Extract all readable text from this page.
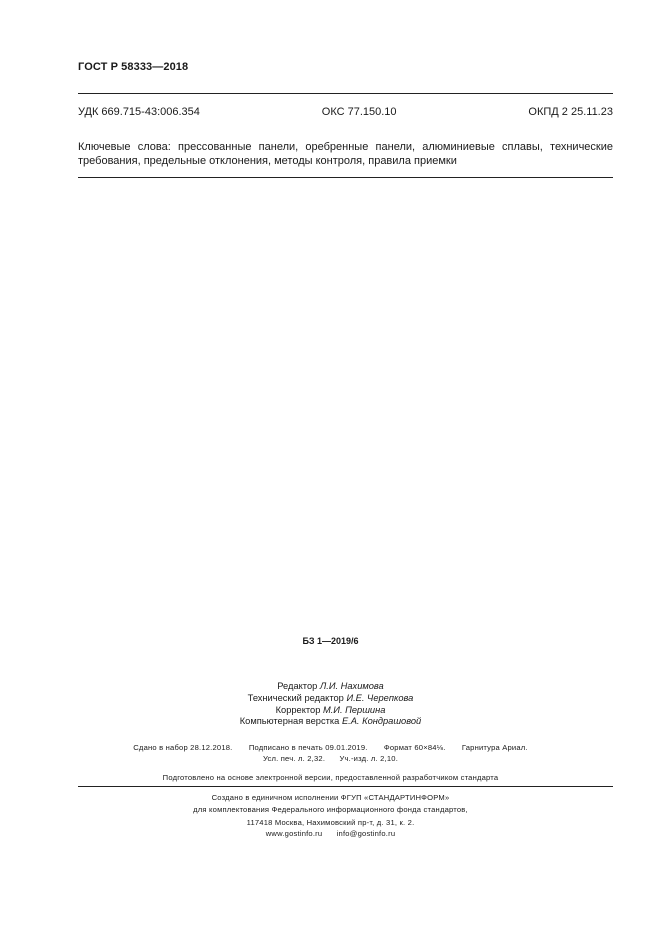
ГОСТ Р 58333—2018
УДК 669.715-43:006.354	ОКС 77.150.10	ОКПД 2 25.11.23
Ключевые слова: прессованные панели, оребренные панели, алюминиевые сплавы, технические требования, предельные отклонения, методы контроля, правила приемки
БЗ 1—2019/6
Редактор Л.И. Нахимова
Технический редактор И.Е. Черепкова
Корректор М.И. Першина
Компьютерная верстка Е.А. Кондрашовой
Сдано в набор 28.12.2018. Подписано в печать 09.01.2019. Формат 60×84⅛. Гарнитура Ариал.
Усл. печ. л. 2,32. Уч.-изд. л. 2,10.
Подготовлено на основе электронной версии, предоставленной разработчиком стандарта
Создано в единичном исполнении ФГУП «СТАНДАРТИНФОРМ»
для комплектования Федерального информационного фонда стандартов,
117418 Москва, Нахимовский пр-т, д. 31, к. 2.
www.gostinfo.ru info@gostinfo.ru
